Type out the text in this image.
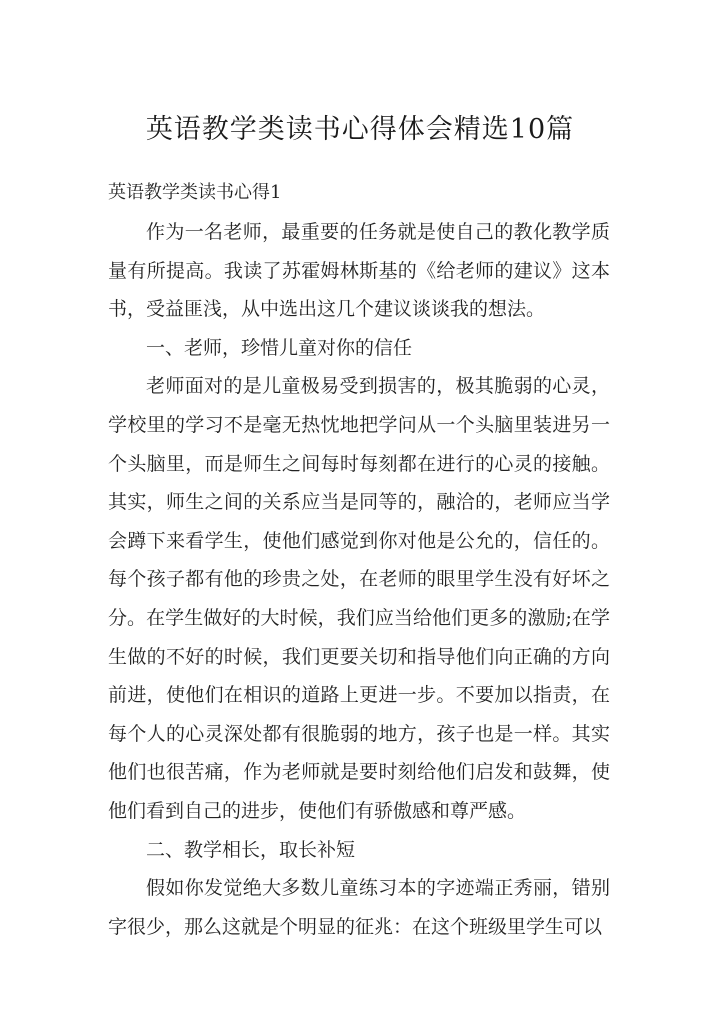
英语教学类读书心得体会精选10篇
英语教学类读书心得1

作为一名老师，最重要的任务就是使自己的教化教学质量有所提高。我读了苏霍姆林斯基的《给老师的建议》这本书，受益匪浅，从中选出这几个建议谈谈我的想法。

一、老师，珍惜儿童对你的信任

老师面对的是儿童极易受到损害的，极其脆弱的心灵，学校里的学习不是毫无热忱地把学问从一个头脑里装进另一个头脑里，而是师生之间每时每刻都在进行的心灵的接触。其实，师生之间的关系应当是同等的，融洽的，老师应当学会蹲下来看学生，使他们感觉到你对他是公允的，信任的。每个孩子都有他的珍贵之处，在老师的眼里学生没有好坏之分。在学生做好的大时候，我们应当给他们更多的激励;在学生做的不好的时候，我们更要关切和指导他们向正确的方向前进，使他们在相识的道路上更进一步。不要加以指责，在每个人的心灵深处都有很脆弱的地方，孩子也是一样。其实他们也很苦痛，作为老师就是要时刻给他们启发和鼓舞，使他们看到自己的进步，使他们有骄傲感和尊严感。

二、教学相长，取长补短

假如你发觉绝大多数儿童练习本的字迹端正秀丽，错别字很少，那么这就是个明显的征兆：在这个班级里学生可以
